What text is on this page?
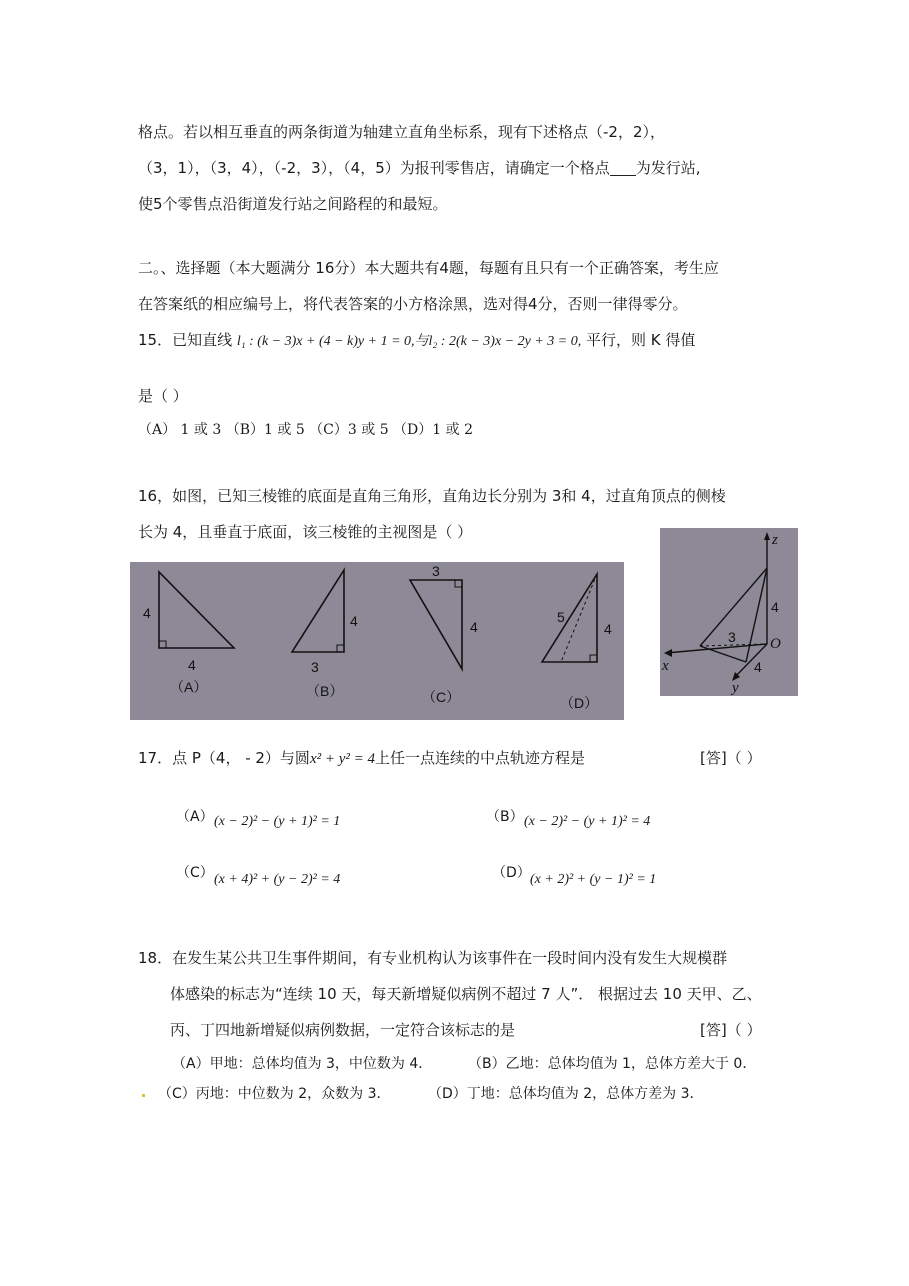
格点。若以相互垂直的两条街道为轴建立直角坐标系，现有下述格点（-2，2），
（3，1），（3，4），（-2，3），（4，5）为报刊零售店，请确定一个格点 为发行站,
使5个零售点沿街道发行站之间路程的和最短。
二。、选择题（本大题满分 16分）本大题共有4题，每题有且只有一个正确答案，考生应
在答案纸的相应编号上，将代表答案的小方格涂黑，选对得4分，否则一律得零分。
15．已知直线 l₁ : (k − 3)x + (4 − k)y + 1 = 0,与l₂ : 2(k − 3)x − 2y + 3 = 0, 平行，则 K 得值
是（ ）
（A） 1 或 3 （B）1 或 5 （C）3 或 5 （D）1 或 2
16，如图，已知三棱锥的底面是直角三角形，直角边长分别为 3和 4，过直角顶点的侧棱
长为 4，且垂直于底面，该三棱锥的主视图是（ ）
4
4
（A）
4
3
（B）
3
4
（C）
5
4
（D）
z
4
3 O
4
x
y
17．点 P（4， - 2）与圆x² + y² = 4上任一点连续的中点轨迹方程是	[答]（ ）
（A） (x − 2)² − (y + 1)² = 1	（B） (x − 2)² − (y + 1)² = 4
（C） (x + 4)² + (y − 2)² = 4	（D） (x + 2)² + (y − 1)² = 1
18．在发生某公共卫生事件期间，有专业机构认为该事件在一段时间内没有发生大规模群
体感染的标志为“连续 10 天，每天新增疑似病例不超过 7 人”． 根据过去 10 天甲、乙、
丙、丁四地新增疑似病例数据，一定符合该标志的是	[答]（ ）
（A）甲地：总体均值为 3，中位数为 4．	（B）乙地：总体均值为 1，总体方差大于 0．
（C）丙地：中位数为 2，众数为 3．	（D）丁地：总体均值为 2，总体方差为 3．
